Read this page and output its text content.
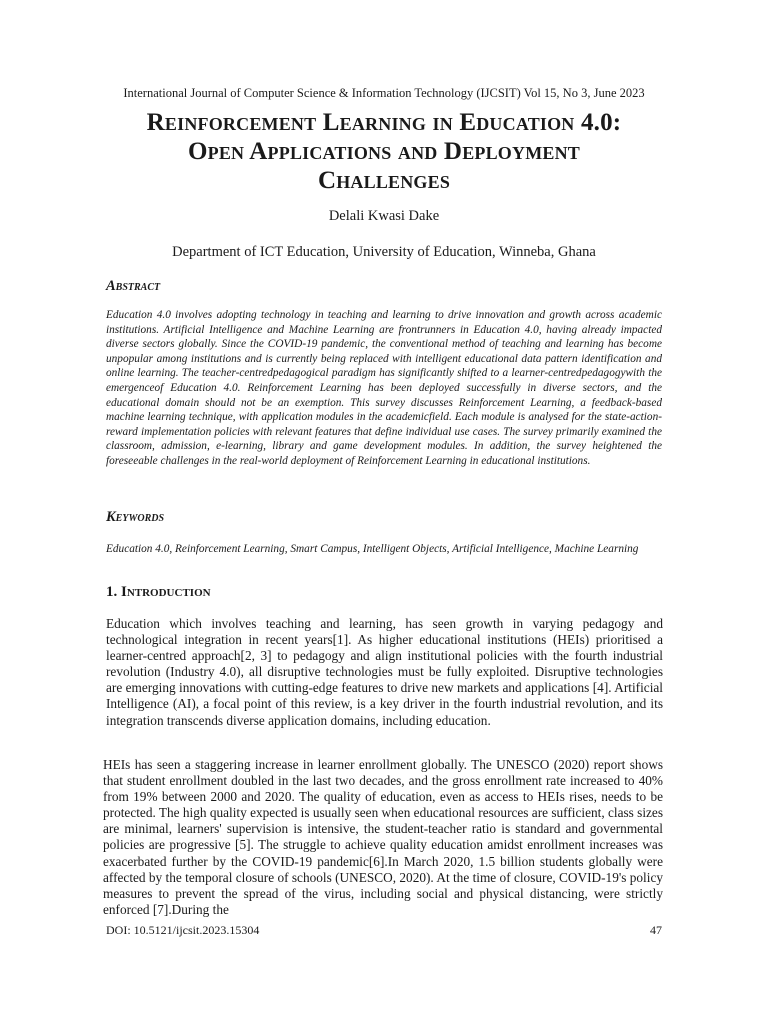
International Journal of Computer Science & Information Technology (IJCSIT) Vol 15, No 3, June 2023
Reinforcement Learning in Education 4.0:
Open Applications and Deployment
Challenges
Delali Kwasi Dake
Department of ICT Education, University of Education, Winneba, Ghana
Abstract
Education 4.0 involves adopting technology in teaching and learning to drive innovation and growth across academic institutions. Artificial Intelligence and Machine Learning are frontrunners in Education 4.0, having already impacted diverse sectors globally. Since the COVID-19 pandemic, the conventional method of teaching and learning has become unpopular among institutions and is currently being replaced with intelligent educational data pattern identification and online learning. The teacher-centredpedagogical paradigm has significantly shifted to a learner-centredpedagogywith the emergenceof Education 4.0. Reinforcement Learning has been deployed successfully in diverse sectors, and the educational domain should not be an exemption. This survey discusses Reinforcement Learning, a feedback-based machine learning technique, with application modules in the academicfield. Each module is analysed for the state-action-reward implementation policies with relevant features that define individual use cases. The survey primarily examined the classroom, admission, e-learning, library and game development modules. In addition, the survey heightened the foreseeable challenges in the real-world deployment of Reinforcement Learning in educational institutions.
Keywords
Education 4.0, Reinforcement Learning, Smart Campus, Intelligent Objects, Artificial Intelligence, Machine Learning
1. Introduction
Education which involves teaching and learning, has seen growth in varying pedagogy and technological integration in recent years[1]. As higher educational institutions (HEIs) prioritised a learner-centred approach[2, 3] to pedagogy and align institutional policies with the fourth industrial revolution (Industry 4.0), all disruptive technologies must be fully exploited. Disruptive technologies are emerging innovations with cutting-edge features to drive new markets and applications [4]. Artificial Intelligence (AI), a focal point of this review, is a key driver in the fourth industrial revolution, and its integration transcends diverse application domains, including education.
HEIs has seen a staggering increase in learner enrollment globally. The UNESCO (2020) report shows that student enrollment doubled in the last two decades, and the gross enrollment rate increased to 40% from 19% between 2000 and 2020. The quality of education, even as access to HEIs rises, needs to be protected. The high quality expected is usually seen when educational resources are sufficient, class sizes are minimal, learners' supervision is intensive, the student-teacher ratio is standard and governmental policies are progressive [5]. The struggle to achieve quality education amidst enrollment increases was exacerbated further by the COVID-19 pandemic[6].In March 2020, 1.5 billion students globally were affected by the temporal closure of schools (UNESCO, 2020). At the time of closure, COVID-19's policy measures to prevent the spread of the virus, including social and physical distancing, were strictly enforced [7].During the
DOI: 10.5121/ijcsit.2023.15304	47
